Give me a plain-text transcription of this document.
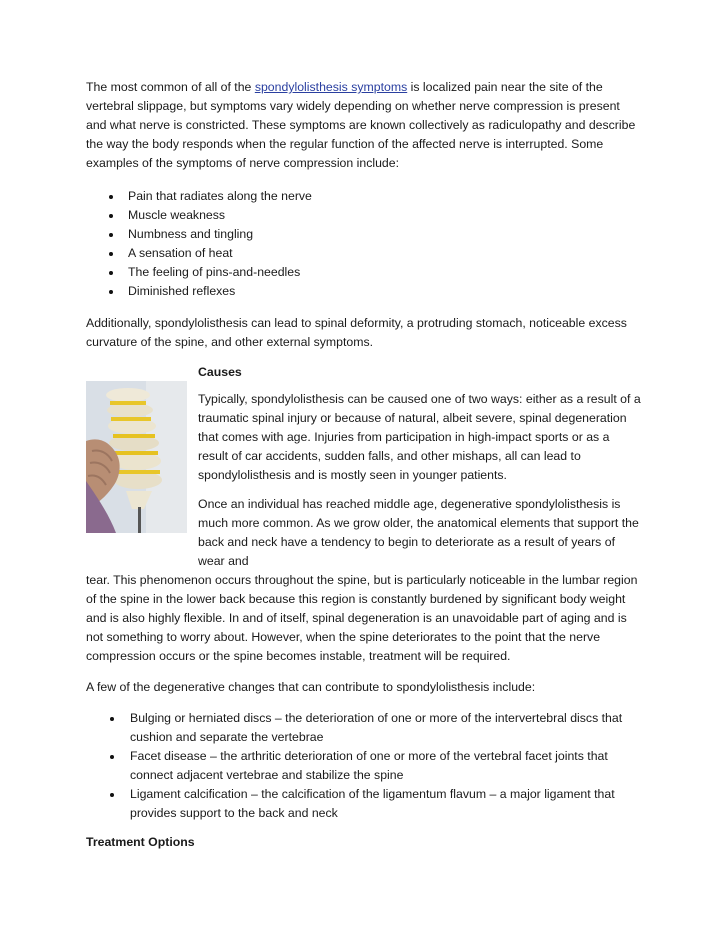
The most common of all of the spondylolisthesis symptoms is localized pain near the site of the vertebral slippage, but symptoms vary widely depending on whether nerve compression is present and what nerve is constricted. These symptoms are known collectively as radiculopathy and describe the way the body responds when the regular function of the affected nerve is interrupted. Some examples of the symptoms of nerve compression include:

Pain that radiates along the nerve
Muscle weakness
Numbness and tingling
A sensation of heat
The feeling of pins-and-needles
Diminished reflexes

Additionally, spondylolisthesis can lead to spinal deformity, a protruding stomach, noticeable excess curvature of the spine, and other external symptoms.

Causes

Typically, spondylolisthesis can be caused one of two ways: either as a result of a traumatic spinal injury or because of natural, albeit severe, spinal degeneration that comes with age. Injuries from participation in high-impact sports or as a result of car accidents, sudden falls, and other mishaps, all can lead to spondylolisthesis and is mostly seen in younger patients.

Once an individual has reached middle age, degenerative spondylolisthesis is much more common. As we grow older, the anatomical elements that support the back and neck have a tendency to begin to deteriorate as a result of years of wear and

tear. This phenomenon occurs throughout the spine, but is particularly noticeable in the lumbar region of the spine in the lower back because this region is constantly burdened by significant body weight and is also highly flexible. In and of itself, spinal degeneration is an unavoidable part of aging and is not something to worry about. However, when the spine deteriorates to the point that the nerve compression occurs or the spine becomes instable, treatment will be required.

A few of the degenerative changes that can contribute to spondylolisthesis include:

Bulging or herniated discs – the deterioration of one or more of the intervertebral discs that cushion and separate the vertebrae
Facet disease – the arthritic deterioration of one or more of the vertebral facet joints that connect adjacent vertebrae and stabilize the spine
Ligament calcification – the calcification of the ligamentum flavum – a major ligament that provides support to the back and neck

Treatment Options
